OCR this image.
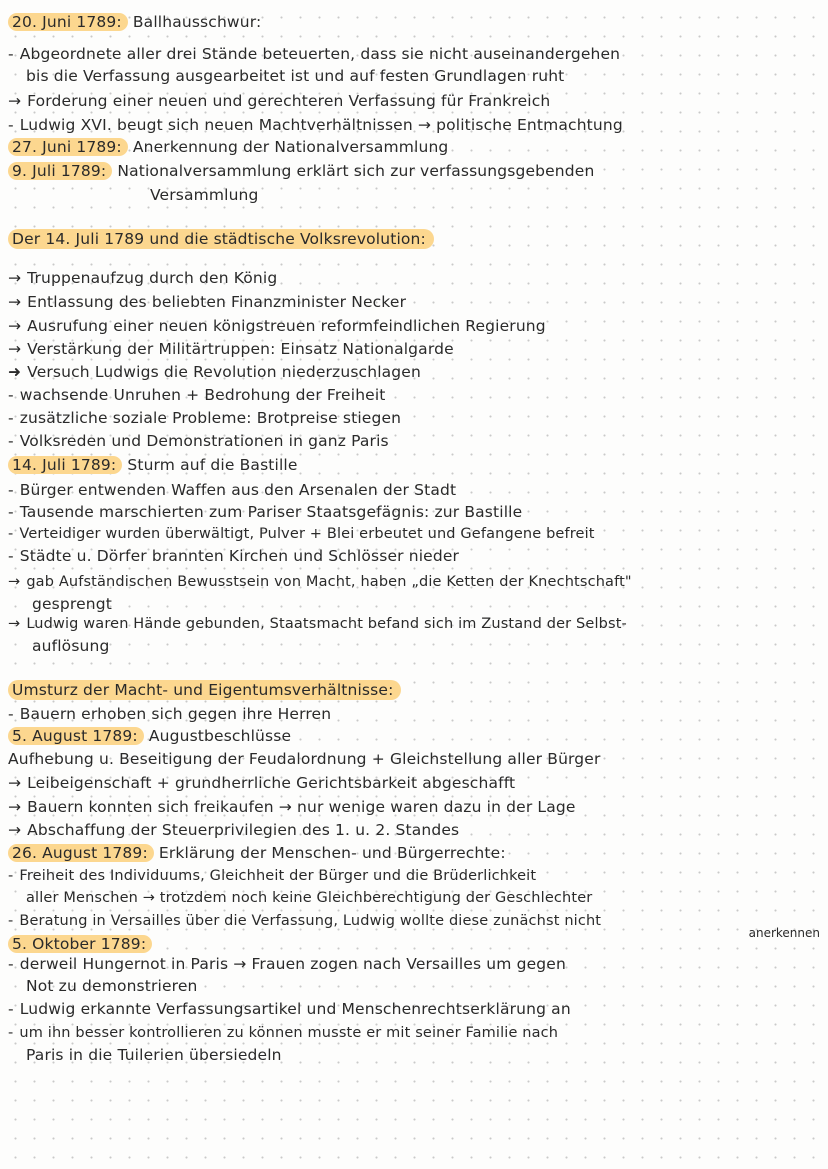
20. Juni 1789: Ballhausschwur:
- Abgeordnete aller drei Stände beteuerten, dass sie nicht auseinandergehen
bis die Verfassung ausgearbeitet ist und auf festen Grundlagen ruht
→ Forderung einer neuen und gerechteren Verfassung für Frankreich
- Ludwig XVI. beugt sich neuen Machtverhältnissen → politische Entmachtung
27. Juni 1789: Anerkennung der Nationalversammlung
9. Juli 1789: Nationalversammlung erklärt sich zur verfassungsgebenden
Versammlung
Der 14. Juli 1789 und die städtische Volksrevolution:
→ Truppenaufzug durch den König
→ Entlassung des beliebten Finanzminister Necker
→ Ausrufung einer neuen königstreuen reformfeindlichen Regierung
→ Verstärkung der Militärtruppen: Einsatz Nationalgarde
➜ Versuch Ludwigs die Revolution niederzuschlagen
- wachsende Unruhen + Bedrohung der Freiheit
- zusätzliche soziale Probleme: Brotpreise stiegen
- Volksreden und Demonstrationen in ganz Paris
14. Juli 1789: Sturm auf die Bastille
- Bürger entwenden Waffen aus den Arsenalen der Stadt
- Tausende marschierten zum Pariser Staatsgefägnis: zur Bastille
- Verteidiger wurden überwältigt, Pulver + Blei erbeutet und Gefangene befreit
- Städte u. Dörfer brannten Kirchen und Schlösser nieder
→ gab Aufständischen Bewusstsein von Macht, haben „die Ketten der Knechtschaft"
gesprengt
→ Ludwig waren Hände gebunden, Staatsmacht befand sich im Zustand der Selbst-
auflösung
Umsturz der Macht- und Eigentumsverhältnisse:
- Bauern erhoben sich gegen ihre Herren
5. August 1789: Augustbeschlüsse
Aufhebung u. Beseitigung der Feudalordnung + Gleichstellung aller Bürger
→ Leibeigenschaft + grundherrliche Gerichtsbarkeit abgeschafft
→ Bauern konnten sich freikaufen → nur wenige waren dazu in der Lage
→ Abschaffung der Steuerprivilegien des 1. u. 2. Standes
26. August 1789: Erklärung der Menschen- und Bürgerrechte:
- Freiheit des Individuums, Gleichheit der Bürger und die Brüderlichkeit
aller Menschen → trotzdem noch keine Gleichberechtigung der Geschlechter
- Beratung in Versailles über die Verfassung, Ludwig wollte diese zunächst nicht
anerkennen
5. Oktober 1789:
- derweil Hungernot in Paris → Frauen zogen nach Versailles um gegen
Not zu demonstrieren
- Ludwig erkannte Verfassungsartikel und Menschenrechtserklärung an
- um ihn besser kontrollieren zu können musste er mit seiner Familie nach
Paris in die Tuilerien übersiedeln
